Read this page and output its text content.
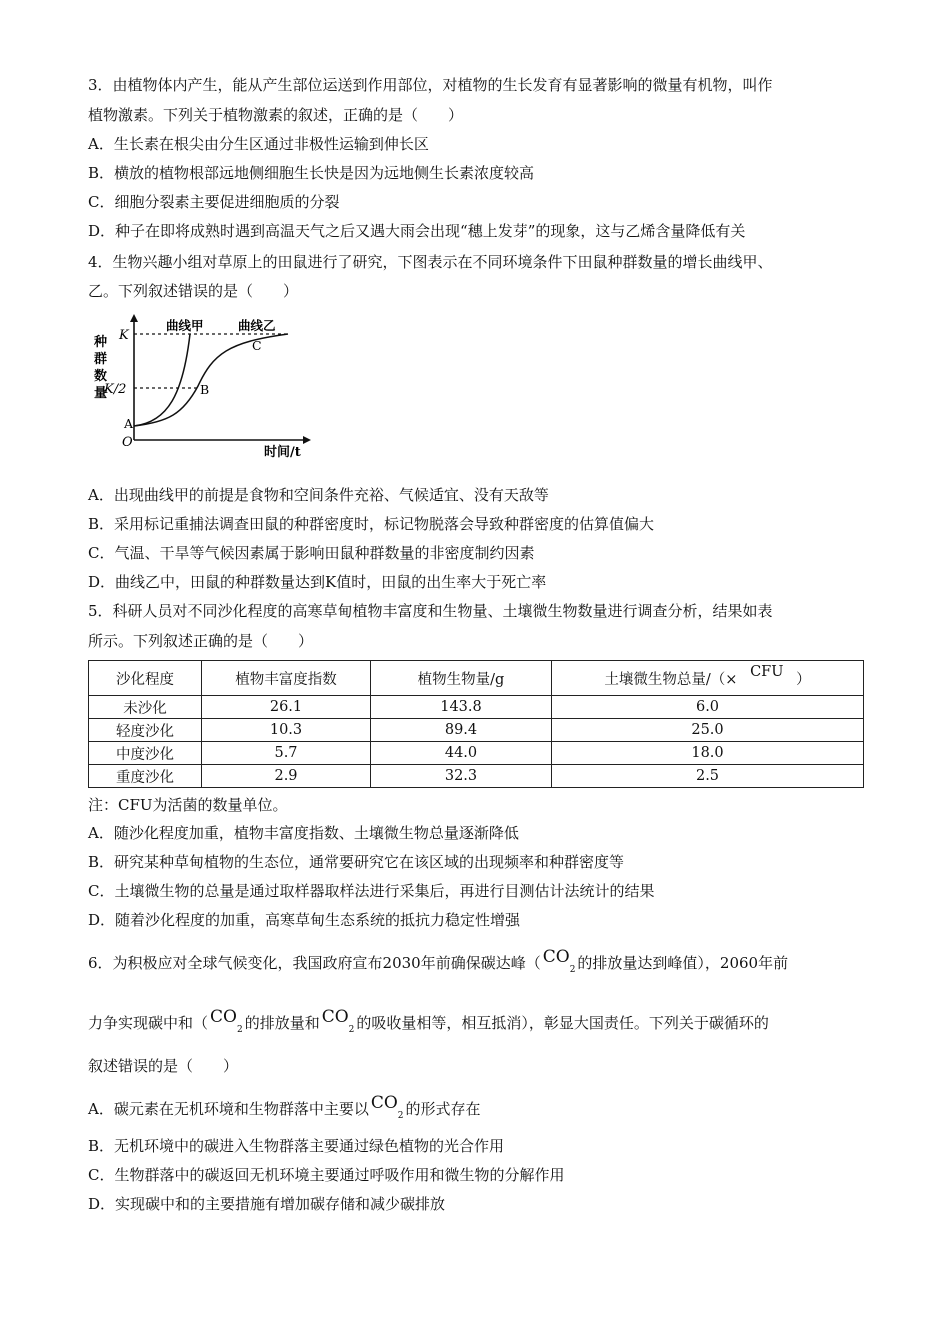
3．由植物体内产生，能从产生部位运送到作用部位，对植物的生长发育有显著影响的微量有机物，叫作
植物激素。下列关于植物激素的叙述，正确的是（　　）
A．生长素在根尖由分生区通过非极性运输到伸长区
B．横放的植物根部远地侧细胞生长快是因为远地侧生长素浓度较高
C．细胞分裂素主要促进细胞质的分裂
D．种子在即将成熟时遇到高温天气之后又遇大雨会出现“穗上发芽”的现象，这与乙烯含量降低有关
4．生物兴趣小组对草原上的田鼠进行了研究，下图表示在不同环境条件下田鼠种群数量的增长曲线甲、
乙。下列叙述错误的是（　　）
种
群
数
量
K
K/2
O
时间/t
曲线甲	曲线乙
A
B
C
A．出现曲线甲的前提是食物和空间条件充裕、气候适宜、没有天敌等
B．采用标记重捕法调查田鼠的种群密度时，标记物脱落会导致种群密度的估算值偏大
C．气温、干旱等气候因素属于影响田鼠种群数量的非密度制约因素
D．曲线乙中，田鼠的种群数量达到K值时，田鼠的出生率大于死亡率
5．科研人员对不同沙化程度的高寒草甸植物丰富度和生物量、土壤微生物数量进行调查分析，结果如表
所示。下列叙述正确的是（　　）
沙化程度	植物丰富度指数	植物生物量/g	土壤微生物总量/（× CFU ）
未沙化	26.1	143.8	6.0
轻度沙化	10.3	89.4	25.0
中度沙化	5.7	44.0	18.0
重度沙化	2.9	32.3	2.5
注：CFU为活菌的数量单位。
A．随沙化程度加重，植物丰富度指数、土壤微生物总量逐渐降低
B．研究某种草甸植物的生态位，通常要研究它在该区域的出现频率和种群密度等
C．土壤微生物的总量是通过取样器取样法进行采集后，再进行目测估计法统计的结果
D．随着沙化程度的加重，高寒草甸生态系统的抵抗力稳定性增强
6．为积极应对全球气候变化，我国政府宣布2030年前确保碳达峰（ $CO_2$ 的排放量达到峰值），2060年前
力争实现碳中和（ $CO_2$ 的排放量和 $CO_2$ 的吸收量相等，相互抵消），彰显大国责任。下列关于碳循环的
叙述错误的是（　　）
A．碳元素在无机环境和生物群落中主要以 $CO_2$ 的形式存在
B．无机环境中的碳进入生物群落主要通过绿色植物的光合作用
C．生物群落中的碳返回无机环境主要通过呼吸作用和微生物的分解作用
D．实现碳中和的主要措施有增加碳存储和减少碳排放
